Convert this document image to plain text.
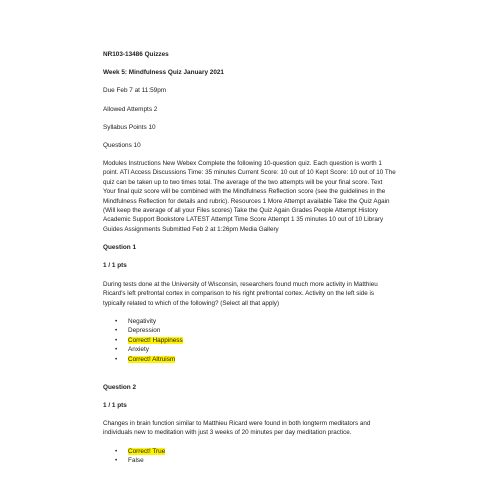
NR103-13486 Quizzes
Week 5: Mindfulness Quiz January 2021
Due Feb 7 at 11:59pm
Allowed Attempts 2
Syllabus Points 10
Questions 10
Modules Instructions New Webex Complete the following 10-question quiz. Each question is worth 1
point. ATI Access Discussions Time: 35 minutes Current Score: 10 out of 10 Kept Score: 10 out of 10 The
quiz can be taken up to two times total. The average of the two attempts will be your final score. Text
Your final quiz score will be combined with the Mindfulness Reflection score (see the guidelines in the
Mindfulness Reflection for details and rubric). Resources 1 More Attempt available Take the Quiz Again
(Will keep the average of all your Files scores) Take the Quiz Again Grades People Attempt History
Academic Support Bookstore LATEST Attempt Time Score Attempt 1 35 minutes 10 out of 10 Library
Guides Assignments Submitted Feb 2 at 1:26pm Media Gallery
Question 1
1 / 1 pts
During tests done at the University of Wisconsin, researchers found much more activity in Matthieu
Ricard's left prefrontal cortex in comparison to his right prefrontal cortex. Activity on the left side is
typically related to which of the following? (Select all that apply)
• Negativity
• Depression
• Correct! Happiness
• Anxiety
• Correct! Altruism
Question 2
1 / 1 pts
Changes in brain function similar to Matthieu Ricard were found in both longterm meditators and
individuals new to meditation with just 3 weeks of 20 minutes per day meditation practice.
• Correct! True
• False
